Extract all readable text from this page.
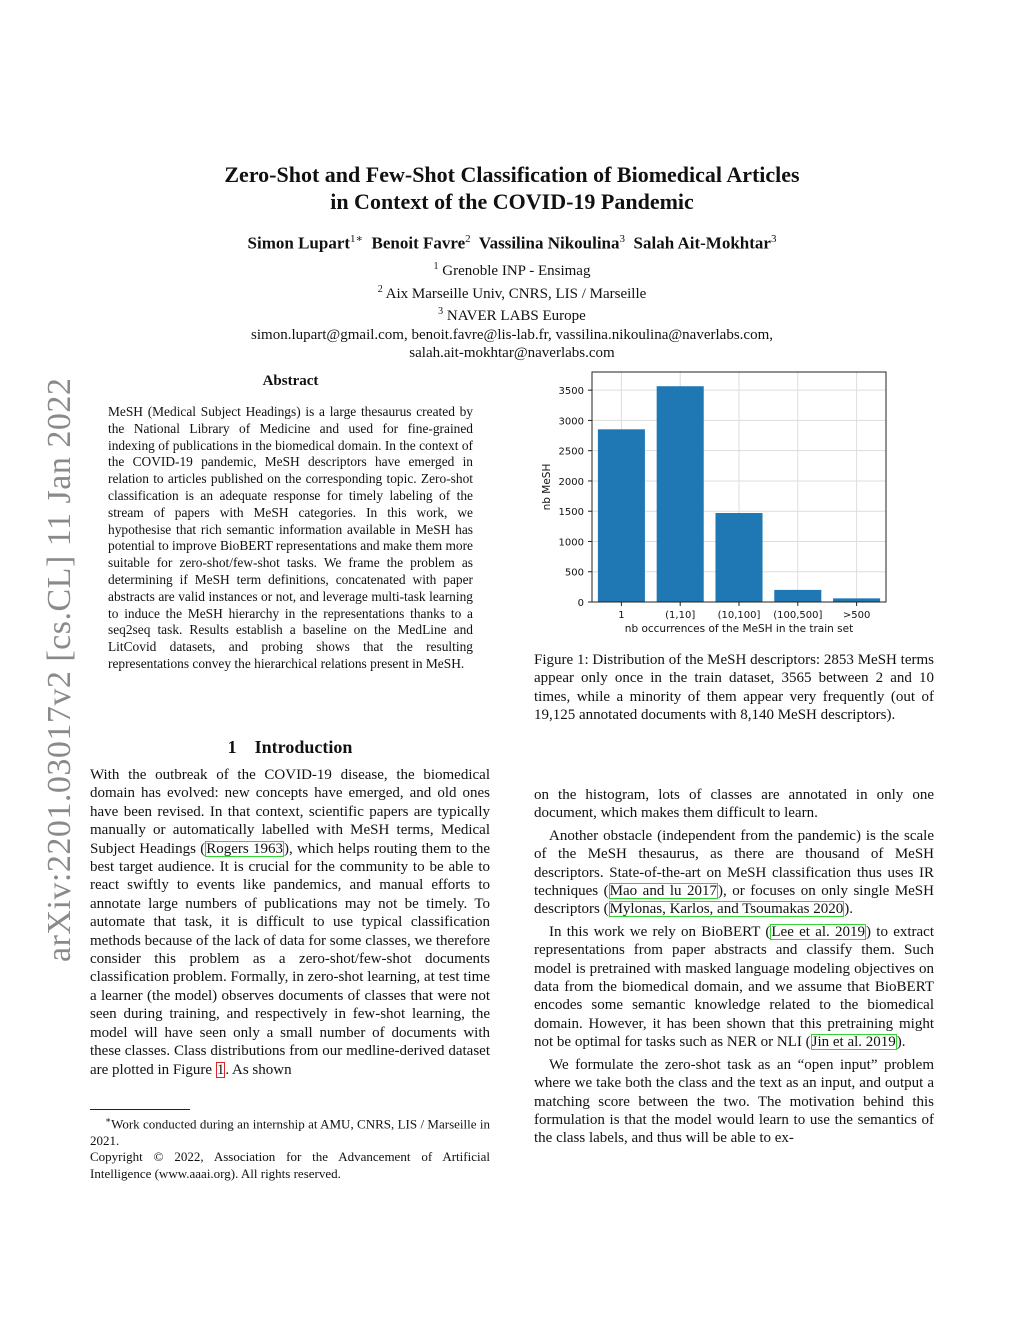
arXiv:2201.03017v2 [cs.CL] 11 Jan 2022
Zero-Shot and Few-Shot Classification of Biomedical Articles
in Context of the COVID-19 Pandemic
Simon Lupart$^{1∗}$ Benoit Favre$^2$ Vassilina Nikoulina$^3$ Salah Ait-Mokhtar$^3$
$^1$ Grenoble INP - Ensimag
$^2$ Aix Marseille Univ, CNRS, LIS / Marseille
$^3$ NAVER LABS Europe
simon.lupart@gmail.com, benoit.favre@lis-lab.fr, vassilina.nikoulina@naverlabs.com,
salah.ait-mokhtar@naverlabs.com
Abstract
MeSH (Medical Subject Headings) is a large thesaurus created by the National Library of Medicine and used for fine-grained indexing of publications in the biomedical domain. In the context of the COVID-19 pandemic, MeSH descriptors have emerged in relation to articles published on the corresponding topic. Zero-shot classification is an adequate response for timely labeling of the stream of papers with MeSH categories. In this work, we hypothesise that rich semantic information available in MeSH has potential to improve BioBERT representations and make them more suitable for zero-shot/few-shot tasks. We frame the problem as determining if MeSH term definitions, concatenated with paper abstracts are valid instances or not, and leverage multi-task learning to induce the MeSH hierarchy in the representations thanks to a seq2seq task. Results establish a baseline on the MedLine and LitCovid datasets, and probing shows that the resulting representations convey the hierarchical relations present in MeSH.
1 Introduction
With the outbreak of the COVID-19 disease, the biomedical domain has evolved: new concepts have emerged, and old ones have been revised. In that context, scientific papers are typically manually or automatically labelled with MeSH terms, Medical Subject Headings (Rogers 1963), which helps routing them to the best target audience. It is crucial for the community to be able to react swiftly to events like pandemics, and manual efforts to annotate large numbers of publications may not be timely. To automate that task, it is difficult to use typical classification methods because of the lack of data for some classes, we therefore consider this problem as a zero-shot/few-shot documents classification problem. Formally, in zero-shot learning, at test time a learner (the model) observes documents of classes that were not seen during training, and respectively in few-shot learning, the model will have seen only a small number of documents with these classes. Class distributions from our medline-derived dataset are plotted in Figure 1. As shown
∗Work conducted during an internship at AMU, CNRS, LIS / Marseille in 2021.
Copyright © 2022, Association for the Advancement of Artificial Intelligence (www.aaai.org). All rights reserved.
0
500
1000
1500
2000
2500
3000
3500
1	(1,10] (10,100] (100,500] >500
nb occurrences of the MeSH in the train set
nb MeSH
Figure 1: Distribution of the MeSH descriptors: 2853 MeSH terms appear only once in the train dataset, 3565 between 2 and 10 times, while a minority of them appear very frequently (out of 19,125 annotated documents with 8,140 MeSH descriptors).

on the histogram, lots of classes are annotated in only one document, which makes them difficult to learn.

Another obstacle (independent from the pandemic) is the scale of the MeSH thesaurus, as there are thousand of MeSH descriptors. State-of-the-art on MeSH classification thus uses IR techniques (Mao and lu 2017), or focuses on only single MeSH descriptors (Mylonas, Karlos, and Tsoumakas 2020).

In this work we rely on BioBERT (Lee et al. 2019) to extract representations from paper abstracts and classify them. Such model is pretrained with masked language modeling objectives on data from the biomedical domain, and we assume that BioBERT encodes some semantic knowledge related to the biomedical domain. However, it has been shown that this pretraining might not be optimal for tasks such as NER or NLI (Jin et al. 2019).

We formulate the zero-shot task as an “open input” problem where we take both the class and the text as an input, and output a matching score between the two. The motivation behind this formulation is that the model would learn to use the semantics of the class labels, and thus will be able to ex-
